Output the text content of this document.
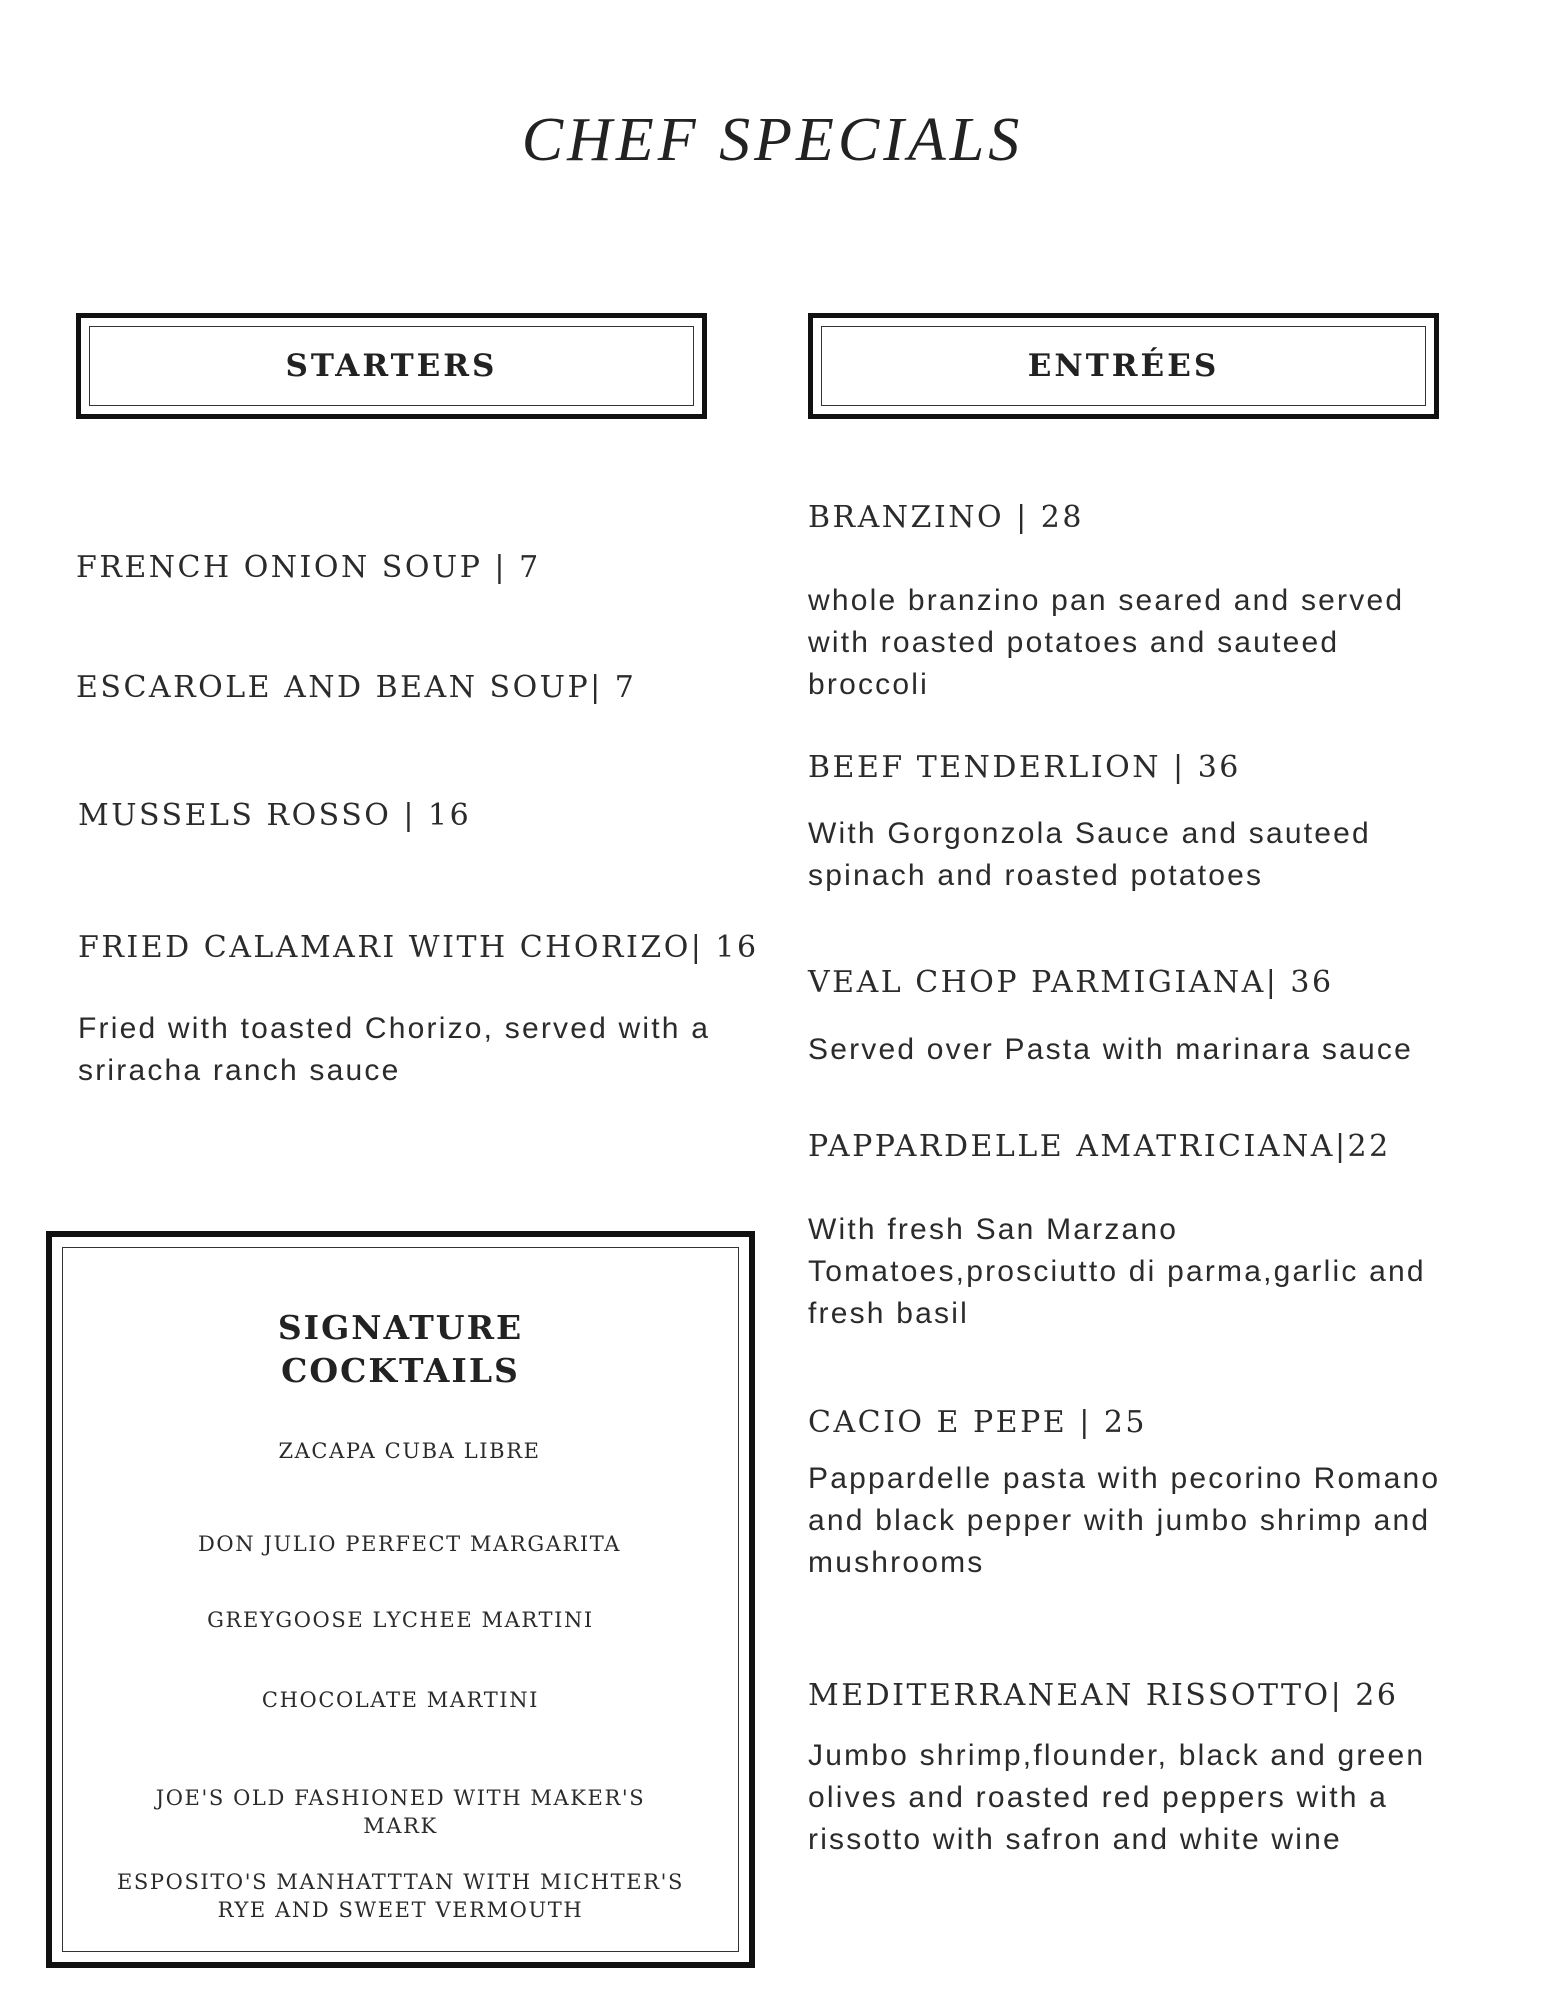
CHEF SPECIALS
STARTERS	ENTRÉES
FRENCH ONION SOUP | 7
ESCAROLE AND BEAN SOUP| 7
MUSSELS ROSSO | 16
FRIED CALAMARI WITH CHORIZO| 16
Fried with toasted Chorizo, served with a sriracha ranch sauce
BRANZINO | 28
whole branzino pan seared and served with roasted potatoes and sauteed broccoli
BEEF TENDERLION | 36
With Gorgonzola Sauce and sauteed spinach and roasted potatoes
VEAL CHOP PARMIGIANA| 36
Served over Pasta with marinara sauce
PAPPARDELLE AMATRICIANA|22
With fresh San Marzano Tomatoes,prosciutto di parma,garlic and fresh basil
CACIO E PEPE | 25
Pappardelle pasta with pecorino Romano and black pepper with jumbo shrimp and mushrooms
MEDITERRANEAN RISSOTTO| 26
Jumbo shrimp,flounder, black and green olives and roasted red peppers with a rissotto with safron and white wine
SIGNATURE
COCKTAILS
ZACAPA CUBA LIBRE
DON JULIO PERFECT MARGARITA
GREYGOOSE LYCHEE MARTINI
CHOCOLATE MARTINI
JOE'S OLD FASHIONED WITH MAKER'S MARK
ESPOSITO'S MANHATTTAN WITH MICHTER'S RYE AND SWEET VERMOUTH
